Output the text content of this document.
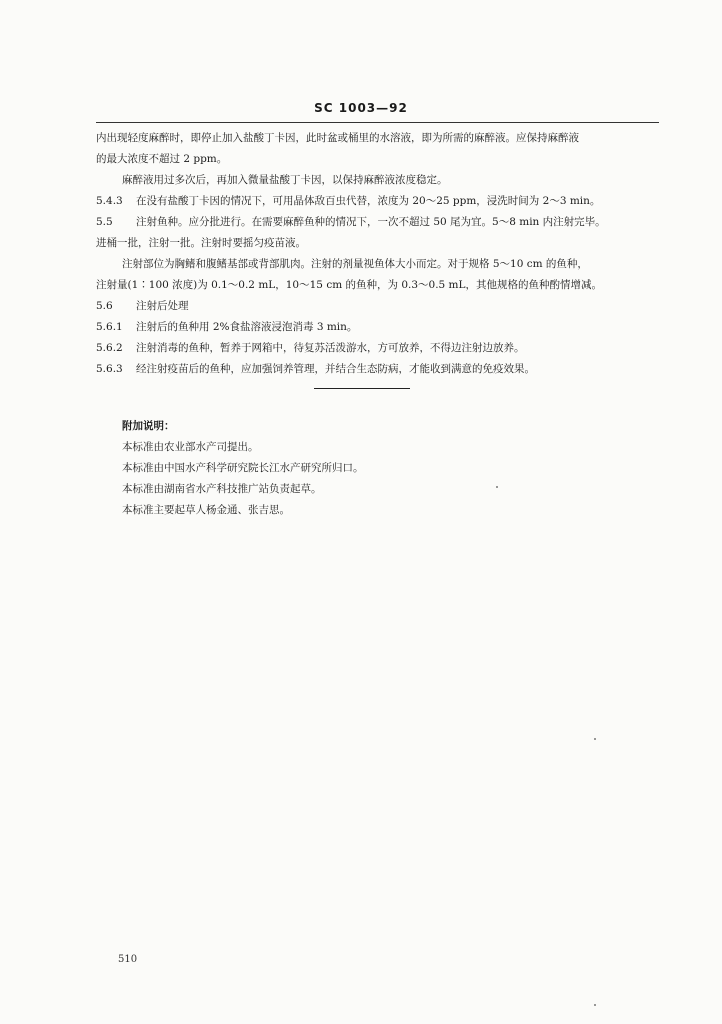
SC 1003—92
内出现轻度麻醉时，即停止加入盐酸丁卡因，此时盆或桶里的水溶液，即为所需的麻醉液。应保持麻醉液
的最大浓度不超过 2 ppm。
麻醉液用过多次后，再加入微量盐酸丁卡因，以保持麻醉液浓度稳定。
5.4.3 在没有盐酸丁卡因的情况下，可用晶体敌百虫代替，浓度为 20～25 ppm，浸洗时间为 2～3 min。
5.5 注射鱼种。应分批进行。在需要麻醉鱼种的情况下，一次不超过 50 尾为宜。5～8 min 内注射完毕。
进桶一批，注射一批。注射时要摇匀疫苗液。
注射部位为胸鳍和腹鳍基部或背部肌肉。注射的剂量视鱼体大小而定。对于规格 5～10 cm 的鱼种，
注射量(1∶100 浓度)为 0.1～0.2 mL，10～15 cm 的鱼种，为 0.3～0.5 mL，其他规格的鱼种酌情增减。
5.6 注射后处理
5.6.1 注射后的鱼种用 2%食盐溶液浸泡消毒 3 min。
5.6.2 注射消毒的鱼种，暂养于网箱中，待复苏活泼游水，方可放养，不得边注射边放养。
5.6.3 经注射疫苗后的鱼种，应加强饲养管理，并结合生态防病，才能收到满意的免疫效果。
附加说明：
本标准由农业部水产司提出。
本标准由中国水产科学研究院长江水产研究所归口。
本标准由湖南省水产科技推广站负责起草。
本标准主要起草人杨金通、张吉思。
510
